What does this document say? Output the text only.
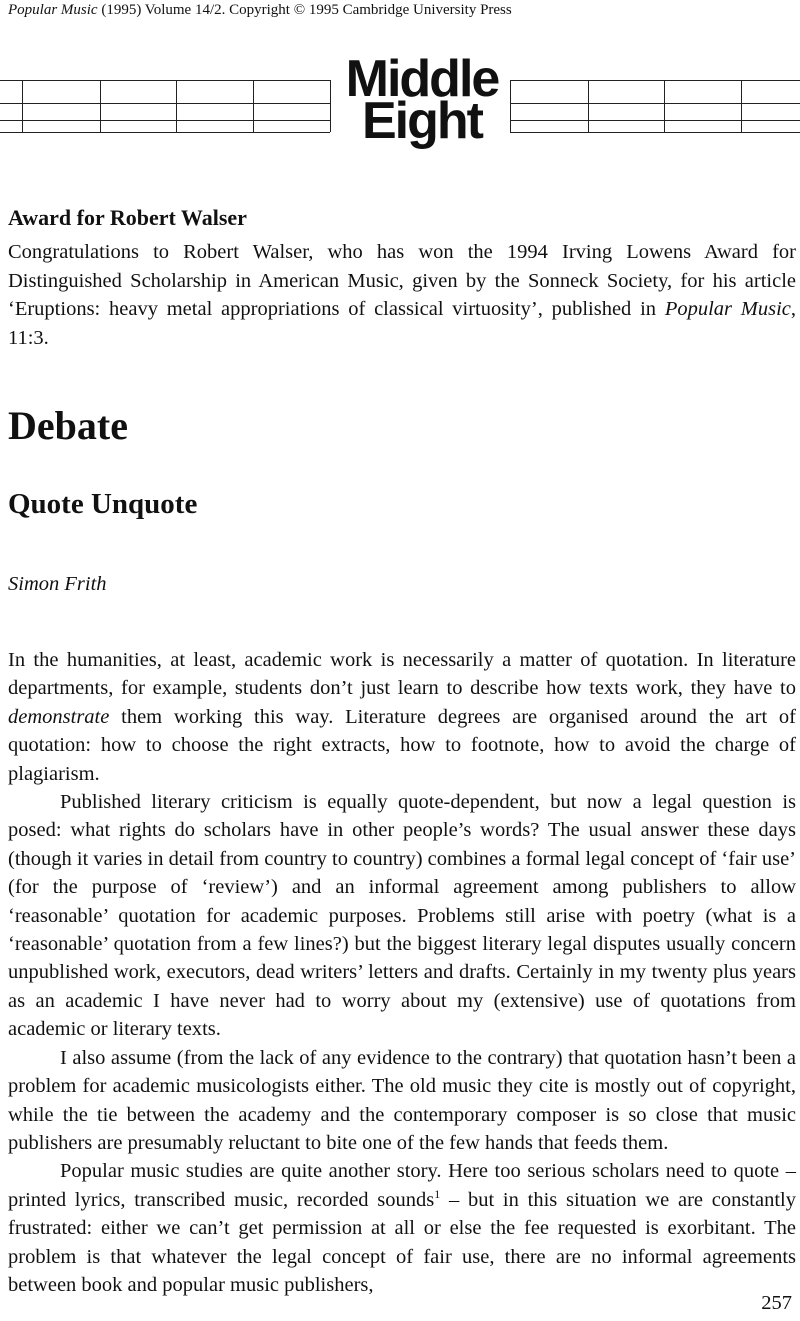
Popular Music (1995) Volume 14/2. Copyright © 1995 Cambridge University Press
Middle
Eight
Award for Robert Walser
Congratulations to Robert Walser, who has won the 1994 Irving Lowens Award for Distinguished Scholarship in American Music, given by the Sonneck Society, for his article ‘Eruptions: heavy metal appropriations of classical virtuosity’, published in Popular Music, 11:3.
Debate
Quote Unquote
Simon Frith

In the humanities, at least, academic work is necessarily a matter of quotation. In literature departments, for example, students don’t just learn to describe how texts work, they have to demonstrate them working this way. Literature degrees are organised around the art of quotation: how to choose the right extracts, how to footnote, how to avoid the charge of plagiarism.

Published literary criticism is equally quote-dependent, but now a legal question is posed: what rights do scholars have in other people’s words? The usual answer these days (though it varies in detail from country to country) combines a formal legal concept of ‘fair use’ (for the purpose of ‘review’) and an informal agreement among publishers to allow ‘reasonable’ quotation for academic purposes. Problems still arise with poetry (what is a ‘reasonable’ quotation from a few lines?) but the biggest literary legal disputes usually concern unpublished work, executors, dead writers’ letters and drafts. Certainly in my twenty plus years as an academic I have never had to worry about my (extensive) use of quotations from academic or literary texts.

I also assume (from the lack of any evidence to the contrary) that quotation hasn’t been a problem for academic musicologists either. The old music they cite is mostly out of copyright, while the tie between the academy and the contemporary composer is so close that music publishers are presumably reluctant to bite one of the few hands that feeds them.

Popular music studies are quite another story. Here too serious scholars need to quote – printed lyrics, transcribed music, recorded sounds$^1$ – but in this situation we are constantly frustrated: either we can’t get permission at all or else the fee requested is exorbitant. The problem is that whatever the legal concept of fair use, there are no informal agreements between book and popular music publishers,

257
